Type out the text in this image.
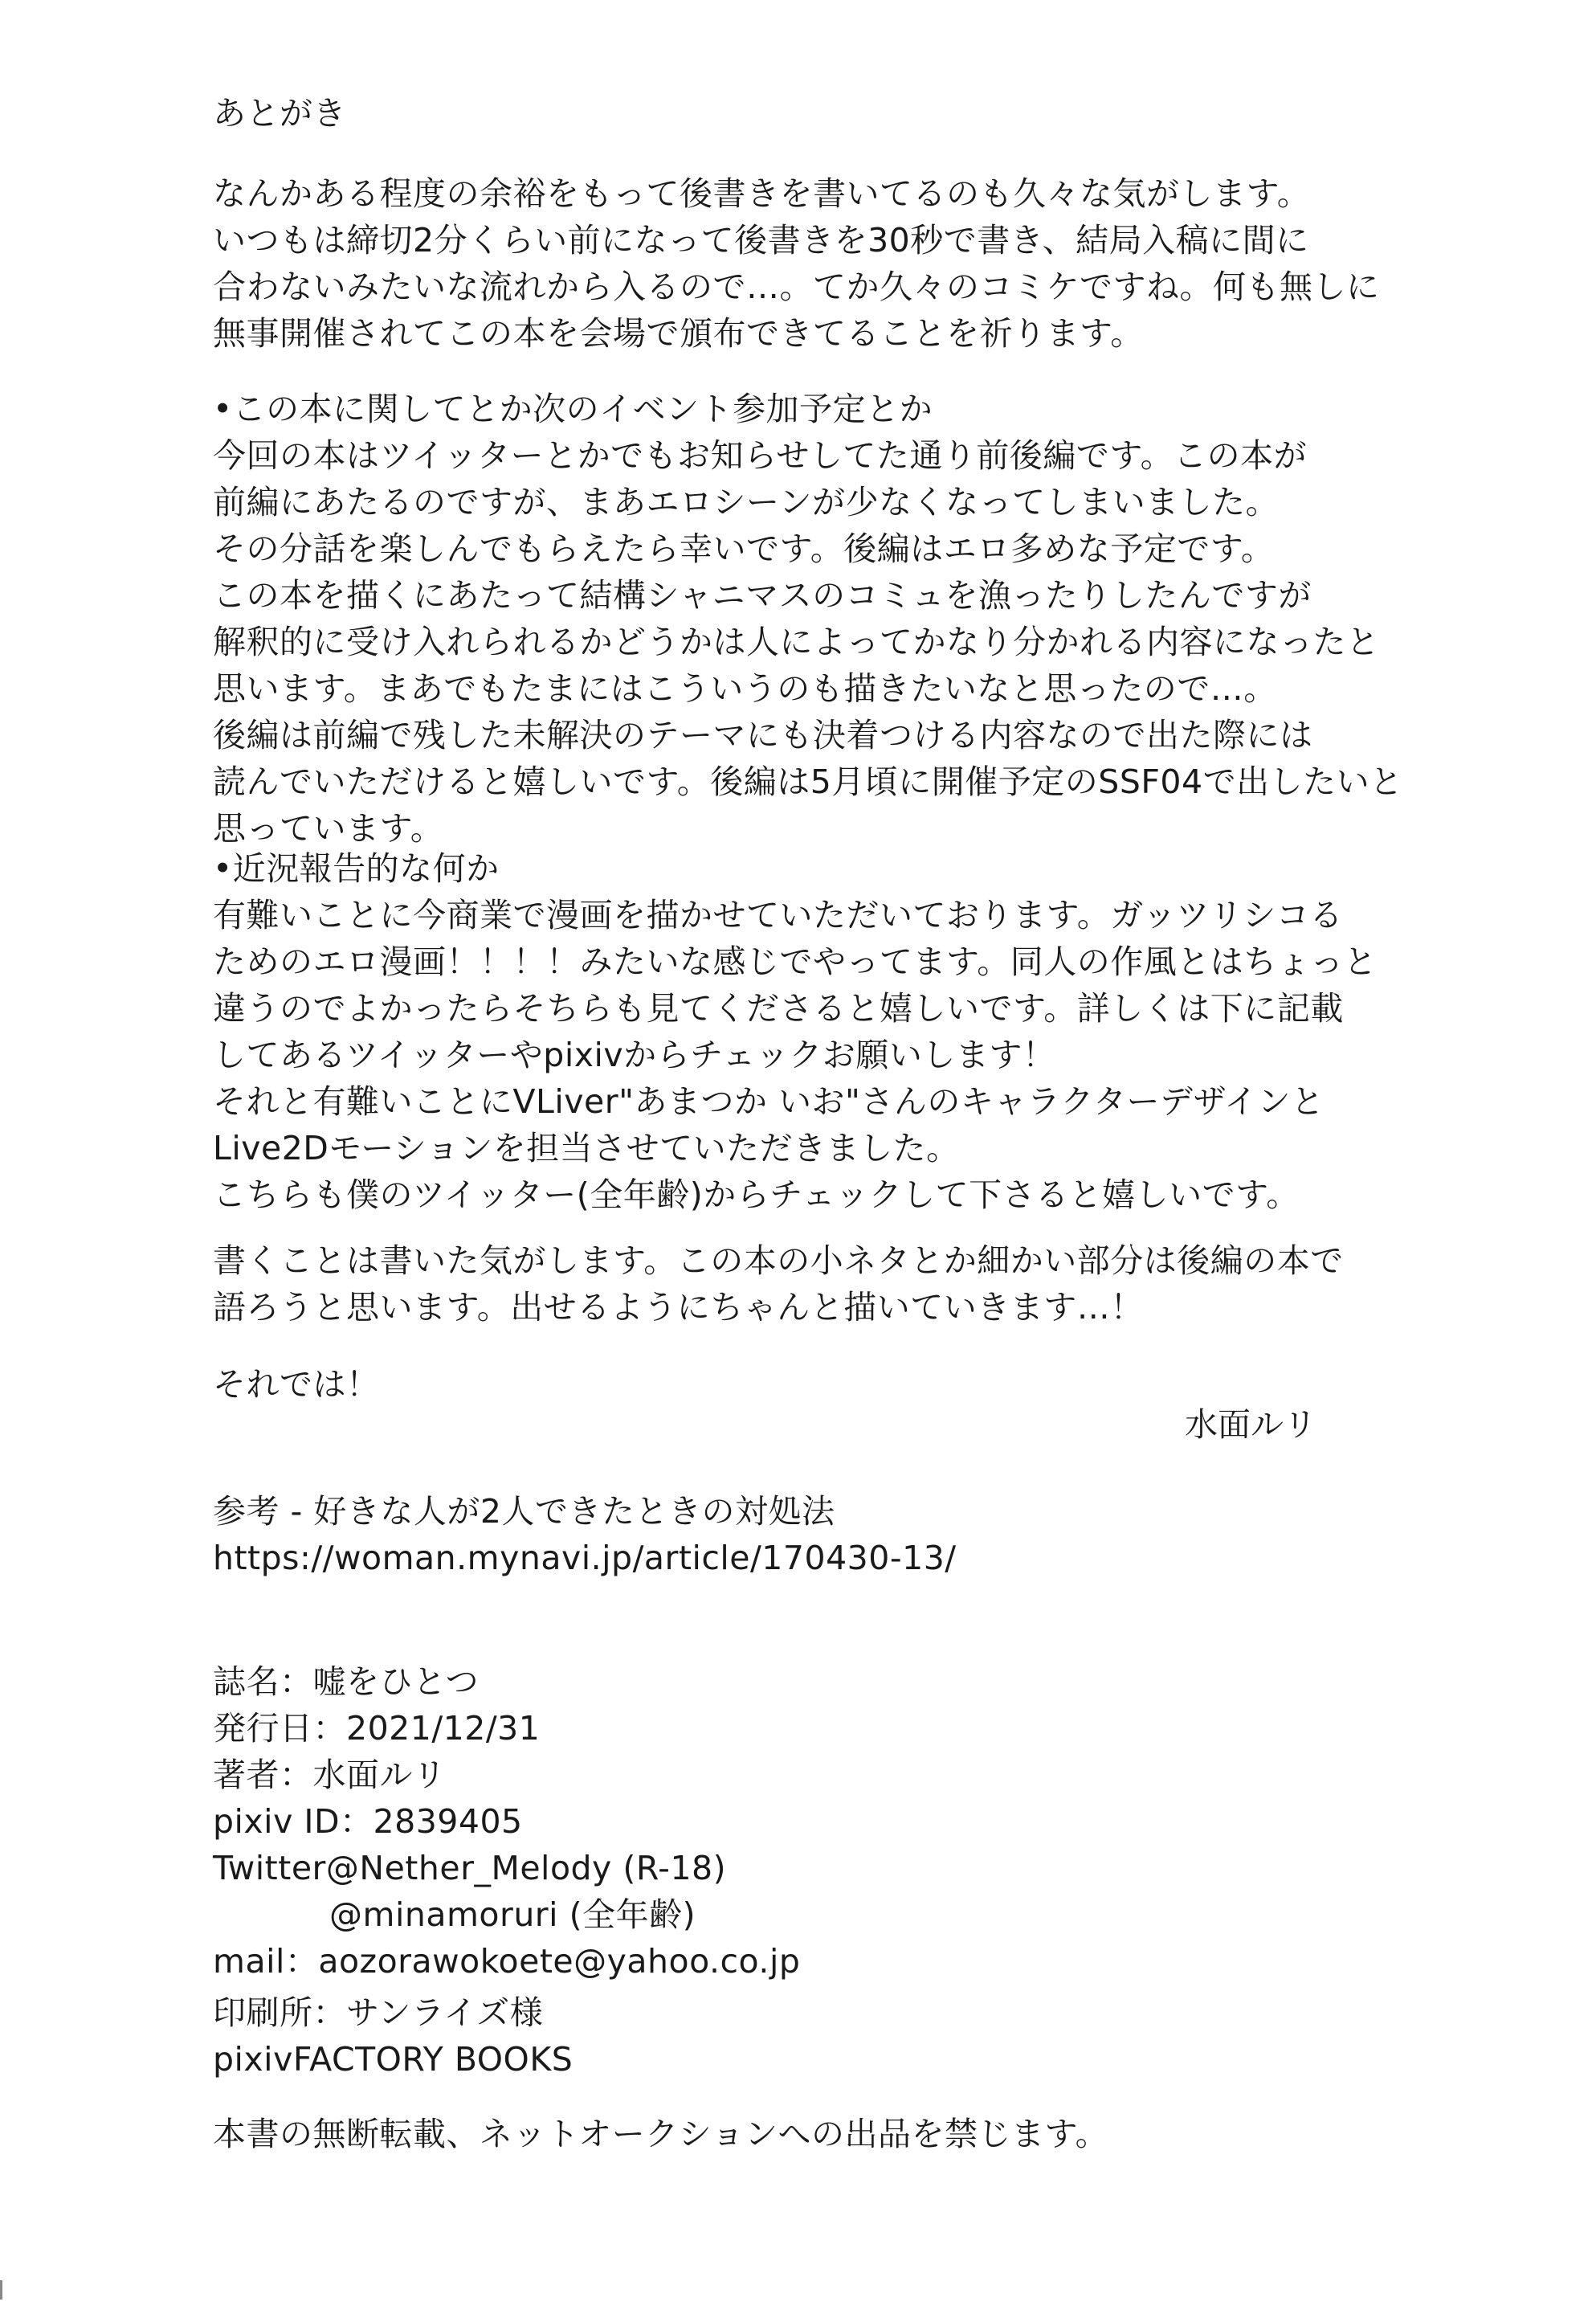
あとがき
なんかある程度の余裕をもって後書きを書いてるのも久々な気がします。
いつもは締切2分くらい前になって後書きを30秒で書き、結局入稿に間に
合わないみたいな流れから入るので…。てか久々のコミケですね。何も無しに
無事開催されてこの本を会場で頒布できてることを祈ります。
•この本に関してとか次のイベント参加予定とか
今回の本はツイッターとかでもお知らせしてた通り前後編です。この本が
前編にあたるのですが、まあエロシーンが少なくなってしまいました。
その分話を楽しんでもらえたら幸いです。後編はエロ多めな予定です。
この本を描くにあたって結構シャニマスのコミュを漁ったりしたんですが
解釈的に受け入れられるかどうかは人によってかなり分かれる内容になったと
思います。まあでもたまにはこういうのも描きたいなと思ったので…。
後編は前編で残した未解決のテーマにも決着つける内容なので出た際には
読んでいただけると嬉しいです。後編は5月頃に開催予定のSSF04で出したいと
思っています。
•近況報告的な何か
有難いことに今商業で漫画を描かせていただいております。ガッツリシコる
ためのエロ漫画！！！！みたいな感じでやってます。同人の作風とはちょっと
違うのでよかったらそちらも見てくださると嬉しいです。詳しくは下に記載
してあるツイッターやpixivからチェックお願いします！
それと有難いことにVLiver"あまつか いお"さんのキャラクターデザインと
Live2Dモーションを担当させていただきました。
こちらも僕のツイッター(全年齢)からチェックして下さると嬉しいです。
書くことは書いた気がします。この本の小ネタとか細かい部分は後編の本で
語ろうと思います。出せるようにちゃんと描いていきます…！
それでは！
水面ルリ
参考 - 好きな人が2人できたときの対処法
https://woman.mynavi.jp/article/170430-13/
誌名：嘘をひとつ
発行日：2021/12/31
著者：水面ルリ
pixiv ID：2839405
Twitter@Nether_Melody (R-18)
@minamoruri (全年齢)
mail：aozorawokoete@yahoo.co.jp
印刷所：サンライズ様
pixivFACTORY BOOKS
本書の無断転載、ネットオークションへの出品を禁じます。
